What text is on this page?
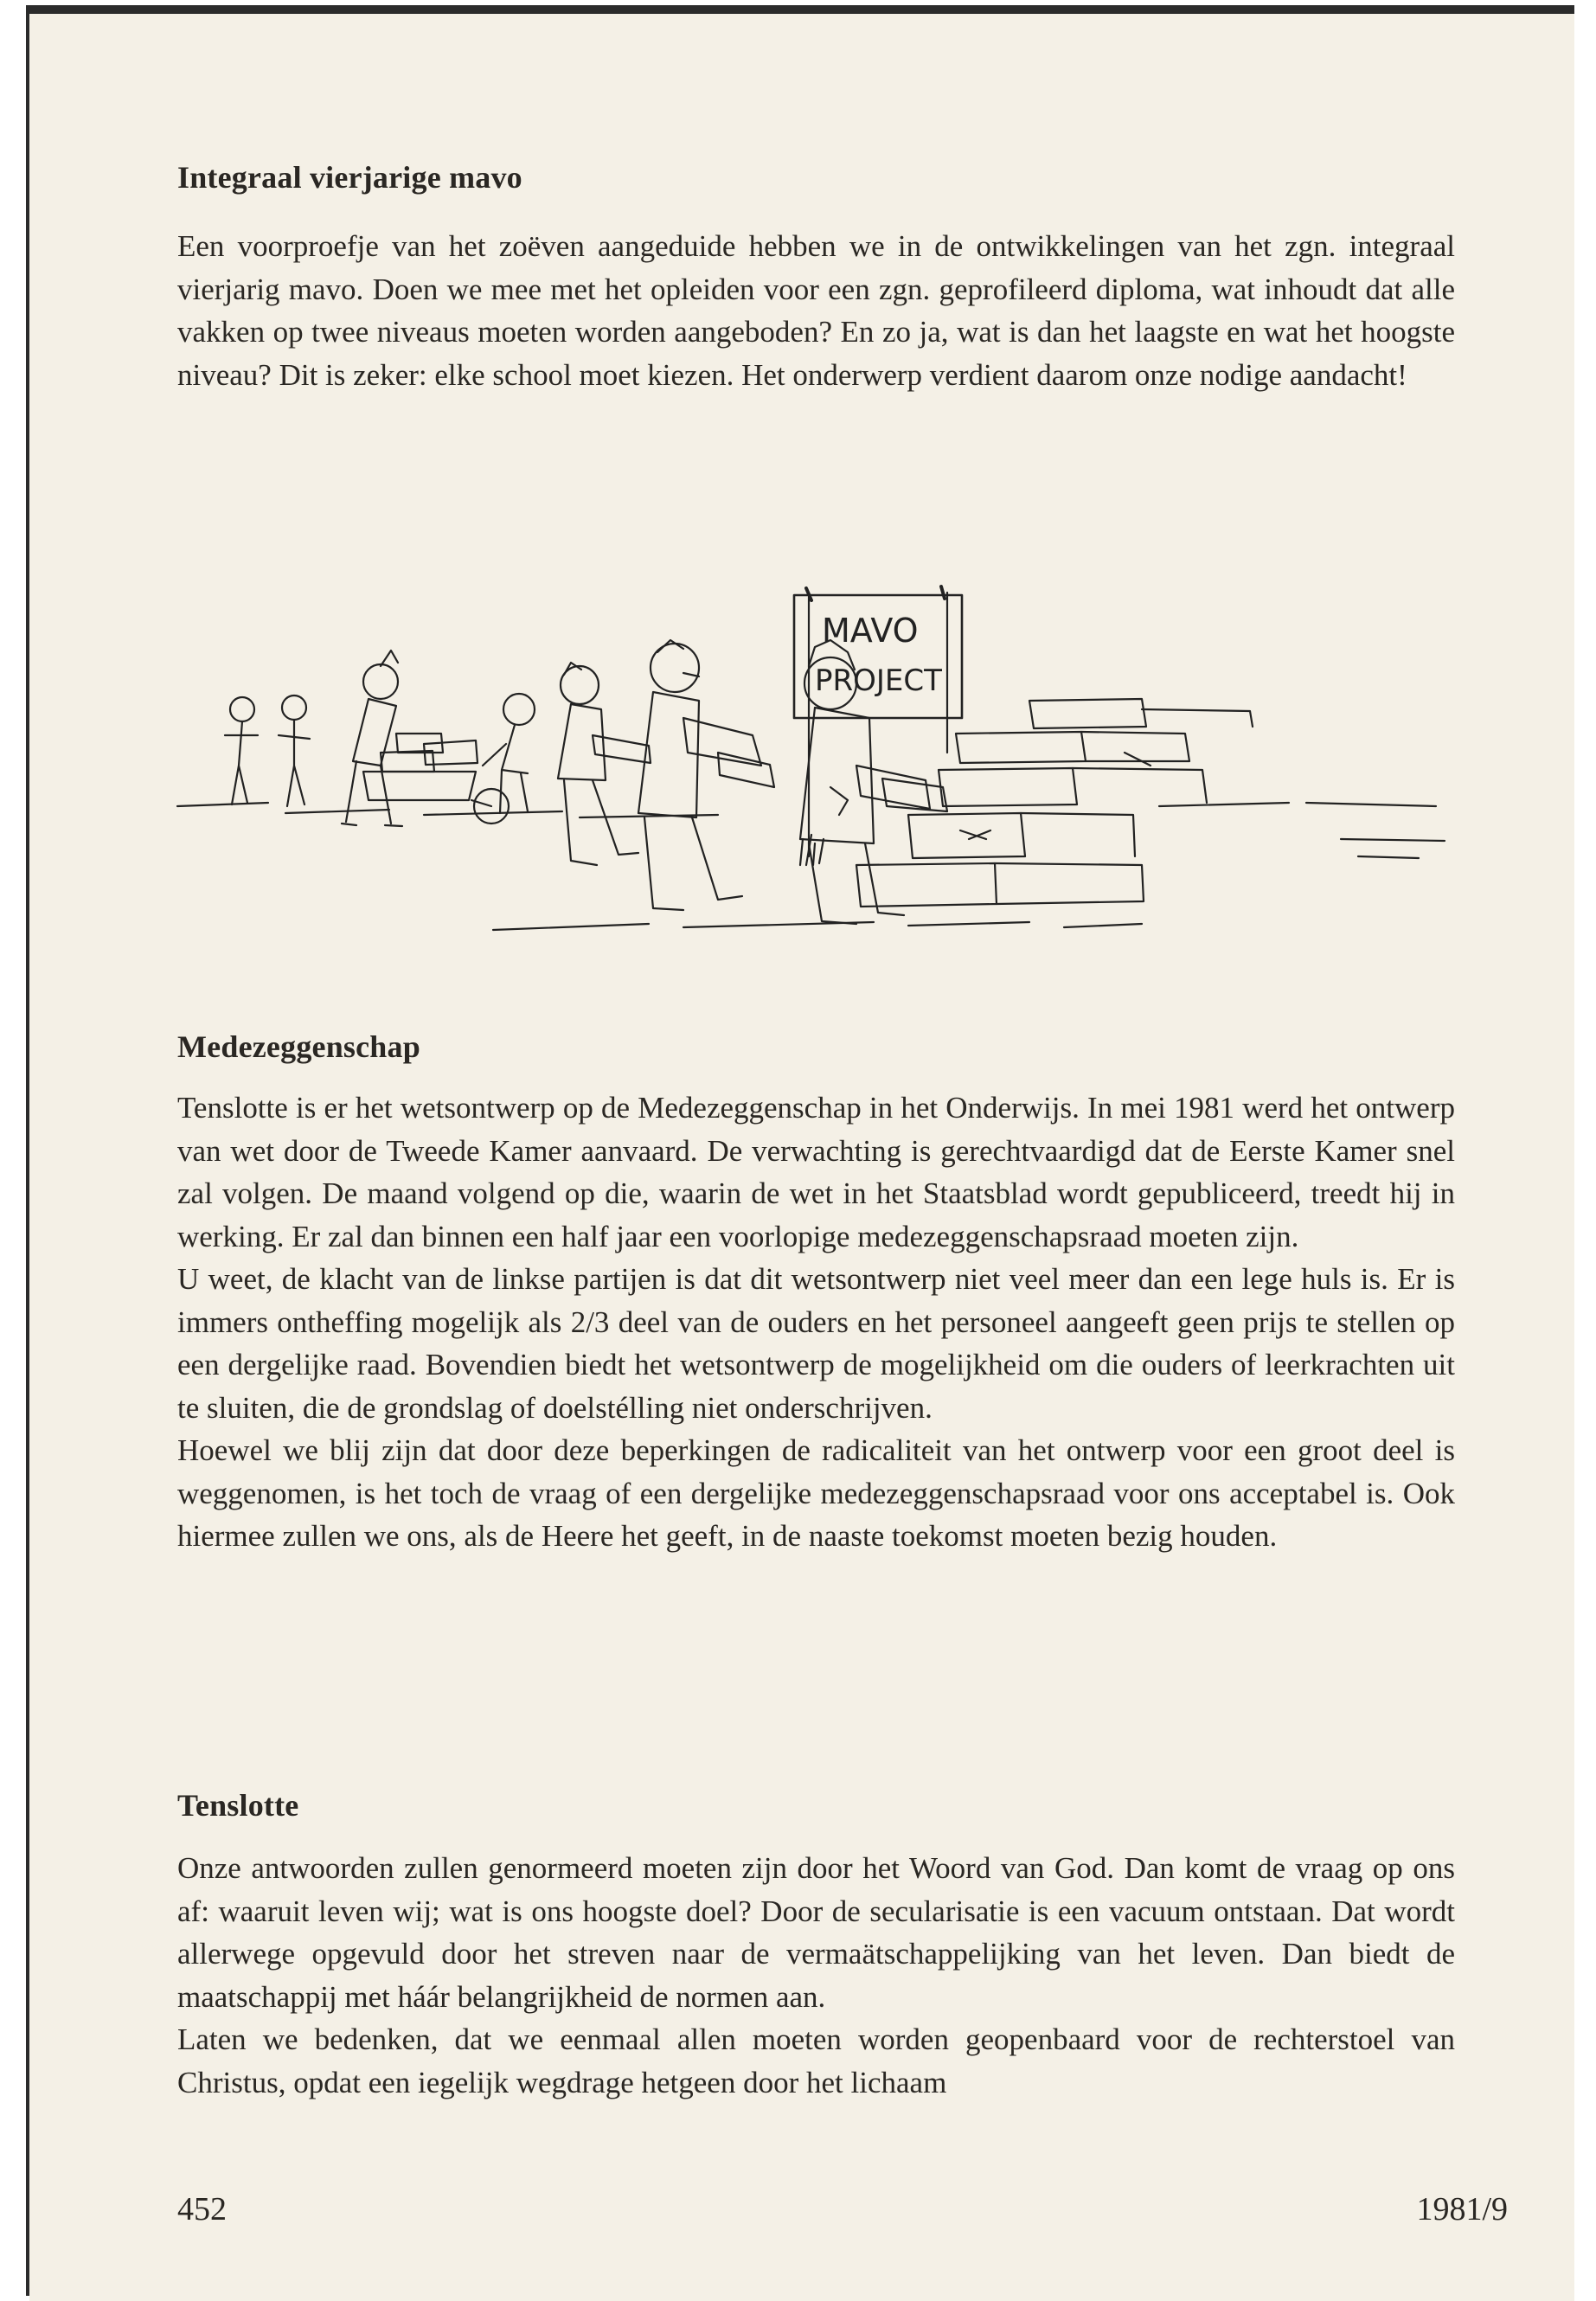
Integraal vierjarige mavo

Een voorproefje van het zoëven aangeduide hebben we in de ontwikkelingen van het zgn. integraal vierjarig mavo. Doen we mee met het opleiden voor een zgn. geprofileerd diploma, wat inhoudt dat alle vakken op twee niveaus moeten worden aangeboden? En zo ja, wat is dan het laagste en wat het hoogste niveau? Dit is zeker: elke school moet kiezen. Het onderwerp verdient daarom onze nodige aandacht!

MAVO
PROJECT
Medezeggenschap

Tenslotte is er het wetsontwerp op de Medezeggenschap in het Onderwijs. In mei 1981 werd het ontwerp van wet door de Tweede Kamer aanvaard. De verwachting is gerechtvaardigd dat de Eerste Kamer snel zal volgen. De maand volgend op die, waarin de wet in het Staatsblad wordt gepubliceerd, treedt hij in werking. Er zal dan binnen een half jaar een voorlopige medezeggenschapsraad moeten zijn.

U weet, de klacht van de linkse partijen is dat dit wetsontwerp niet veel meer dan een lege huls is. Er is immers ontheffing mogelijk als 2/3 deel van de ouders en het personeel aangeeft geen prijs te stellen op een dergelijke raad. Bovendien biedt het wetsontwerp de mogelijkheid om die ouders of leerkrachten uit te sluiten, die de grondslag of doelstélling niet onderschrijven.

Hoewel we blij zijn dat door deze beperkingen de radicaliteit van het ontwerp voor een groot deel is weggenomen, is het toch de vraag of een dergelijke medezeggenschapsraad voor ons acceptabel is. Ook hiermee zullen we ons, als de Heere het geeft, in de naaste toekomst moeten bezig houden.

Tenslotte

Onze antwoorden zullen genormeerd moeten zijn door het Woord van God. Dan komt de vraag op ons af: waaruit leven wij; wat is ons hoogste doel? Door de secularisatie is een vacuum ontstaan. Dat wordt allerwege opgevuld door het streven naar de vermaätschappelijking van het leven. Dan biedt de maatschappij met háár belangrijkheid de normen aan.

Laten we bedenken, dat we eenmaal allen moeten worden geopenbaard voor de rechterstoel van Christus, opdat een iegelijk wegdrage hetgeen door het lichaam

452	1981/9
